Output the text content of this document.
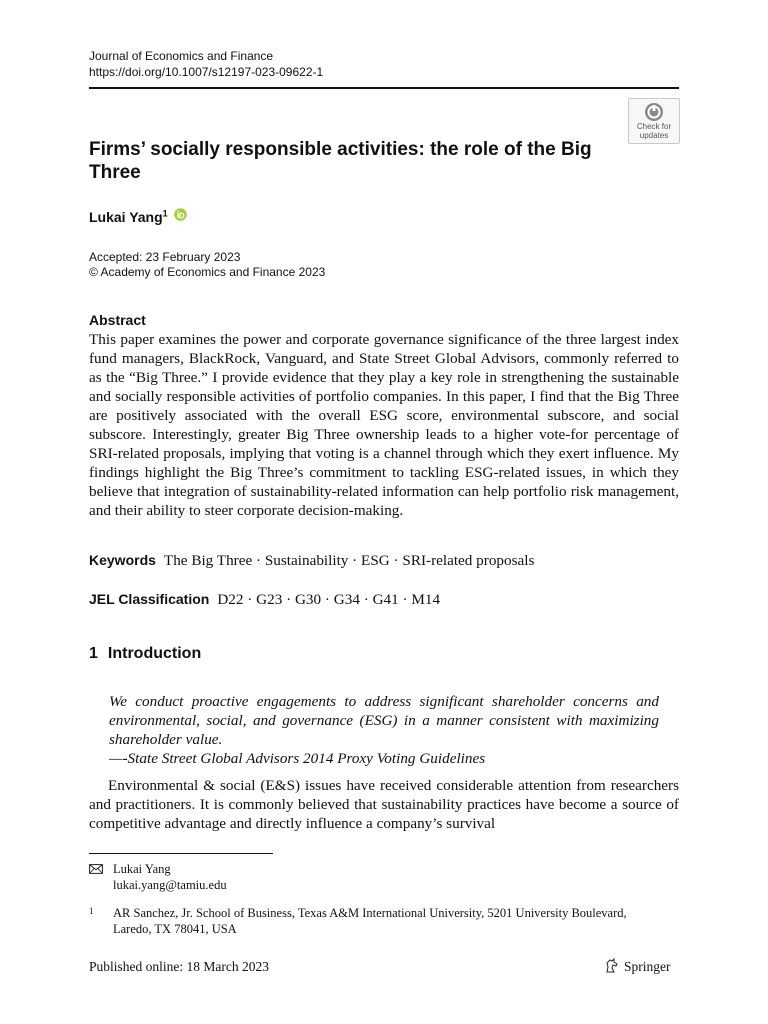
Journal of Economics and Finance
https://doi.org/10.1007/s12197-023-09622-1
Check for
updates
Firms’ socially responsible activities: the role of the Big Three
Lukai Yang$^1$
Accepted: 23 February 2023
© Academy of Economics and Finance 2023
Abstract
This paper examines the power and corporate governance significance of the three largest index fund managers, BlackRock, Vanguard, and State Street Global Advisors, commonly referred to as the “Big Three.” I provide evidence that they play a key role in strengthening the sustainable and socially responsible activities of portfolio companies. In this paper, I find that the Big Three are positively associated with the overall ESG score, environmental subscore, and social subscore. Interestingly, greater Big Three ownership leads to a higher vote-for percentage of SRI-related proposals, implying that voting is a channel through which they exert influence. My findings highlight the Big Three’s commitment to tackling ESG-related issues, in which they believe that integration of sustainability-related information can help portfolio risk management, and their ability to steer corporate decision-making.
Keywords The Big Three · Sustainability · ESG · SRI-related proposals
JEL Classification D22 · G23 · G30 · G34 · G41 · M14
1 Introduction
We conduct proactive engagements to address significant shareholder concerns and environmental, social, and governance (ESG) in a manner consistent with maximizing shareholder value.
—-State Street Global Advisors 2014 Proxy Voting Guidelines
Environmental & social (E&S) issues have received considerable attention from researchers and practitioners. It is commonly believed that sustainability practices have become a source of competitive advantage and directly influence a company’s survival
Lukai Yang
lukai.yang@tamiu.edu
1 AR Sanchez, Jr. School of Business, Texas A&M International University, 5201 University Boulevard, Laredo, TX 78041, USA
Published online: 18 March 2023	Springer
